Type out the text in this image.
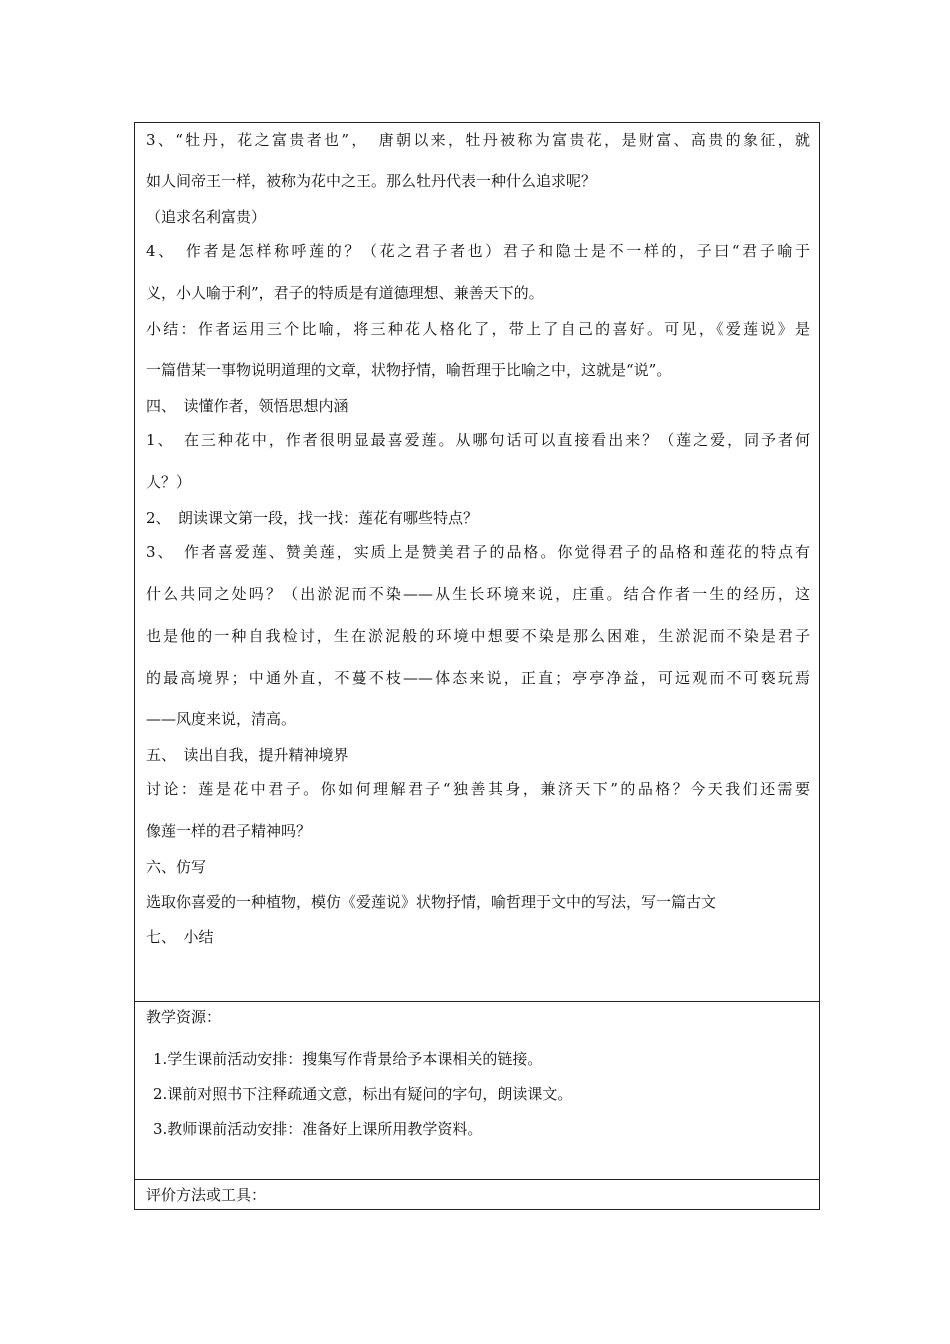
3、“牡丹，花之富贵者也”，　唐朝以来，牡丹被称为富贵花，是财富、高贵的象征，就
如人间帝王一样，被称为花中之王。那么牡丹代表一种什么追求呢？
（追求名利富贵）
4、　作者是怎样称呼莲的？（花之君子者也）君子和隐士是不一样的，子曰“君子喻于
义，小人喻于利”，君子的特质是有道德理想、兼善天下的。
小结：作者运用三个比喻，将三种花人格化了，带上了自己的喜好。可见，《爱莲说》是
一篇借某一事物说明道理的文章，状物抒情，喻哲理于比喻之中，这就是“说”。
四、　读懂作者，领悟思想内涵
1、　在三种花中，作者很明显最喜爱莲。从哪句话可以直接看出来？（莲之爱，同予者何
人？）
2、　朗读课文第一段，找一找：莲花有哪些特点？
3、　作者喜爱莲、赞美莲，实质上是赞美君子的品格。你觉得君子的品格和莲花的特点有
什么共同之处吗？（出淤泥而不染——从生长环境来说，庄重。结合作者一生的经历，这
也是他的一种自我检讨，生在淤泥般的环境中想要不染是那么困难，生淤泥而不染是君子
的最高境界；中通外直，不蔓不枝——体态来说，正直；亭亭净益，可远观而不可亵玩焉
——风度来说，清高。
五、　读出自我，提升精神境界
讨论：莲是花中君子。你如何理解君子“独善其身，兼济天下”的品格？今天我们还需要
像莲一样的君子精神吗？
六、仿写
选取你喜爱的一种植物，模仿《爱莲说》状物抒情，喻哲理于文中的写法，写一篇古文
七、　小结
教学资源：
1.学生课前活动安排：搜集写作背景给予本课相关的链接。
2.课前对照书下注释疏通文意，标出有疑问的字句，朗读课文。
3.教师课前活动安排：准备好上课所用教学资料。
评价方法或工具：
